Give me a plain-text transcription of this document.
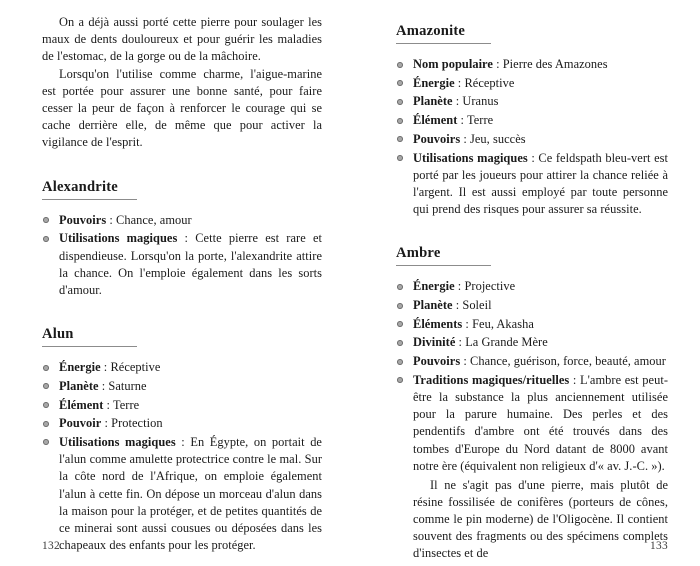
On a déjà aussi porté cette pierre pour soulager les maux de dents douloureux et pour guérir les maladies de l'estomac, de la gorge ou de la mâchoire.

Lorsqu'on l'utilise comme charme, l'aigue-marine est portée pour assurer une bonne santé, pour faire cesser la peur de façon à renforcer le courage qui se cache derrière elle, de même que pour activer la vigilance de l'esprit.

Alexandrite
Pouvoirs : Chance, amour
Utilisations magiques : Cette pierre est rare et dispendieuse. Lorsqu'on la porte, l'alexandrite attire la chance. On l'emploie également dans les sorts d'amour.
Alun
Énergie : Réceptive
Planète : Saturne
Élément : Terre
Pouvoir : Protection
Utilisations magiques : En Égypte, on portait de l'alun comme amulette protectrice contre le mal. Sur la côte nord de l'Afrique, on emploie également l'alun à cette fin. On dépose un morceau d'alun dans la maison pour la protéger, et de petites quantités de ce minerai sont aussi cousues ou déposées dans les chapeaux des enfants pour les protéger.
132
Amazonite
Nom populaire : Pierre des Amazones
Énergie : Réceptive
Planète : Uranus
Élément : Terre
Pouvoirs : Jeu, succès
Utilisations magiques : Ce feldspath bleu-vert est porté par les joueurs pour attirer la chance reliée à l'argent. Il est aussi employé par toute personne qui prend des risques pour assurer sa réussite.
Ambre
Énergie : Projective
Planète : Soleil
Éléments : Feu, Akasha
Divinité : La Grande Mère
Pouvoirs : Chance, guérison, force, beauté, amour
Traditions magiques/rituelles : L'ambre est peut-être la substance la plus anciennement utilisée pour la parure humaine. Des perles et des pendentifs d'ambre ont été trouvés dans des tombes d'Europe du Nord datant de 8000 avant notre ère (équivalent non religieux d'« av. J.-C. »).

Il ne s'agit pas d'une pierre, mais plutôt de résine fossilisée de conifères (porteurs de cônes, comme le pin moderne) de l'Oligocène. Il contient souvent des fragments ou des spécimens complets d'insectes et de

133
